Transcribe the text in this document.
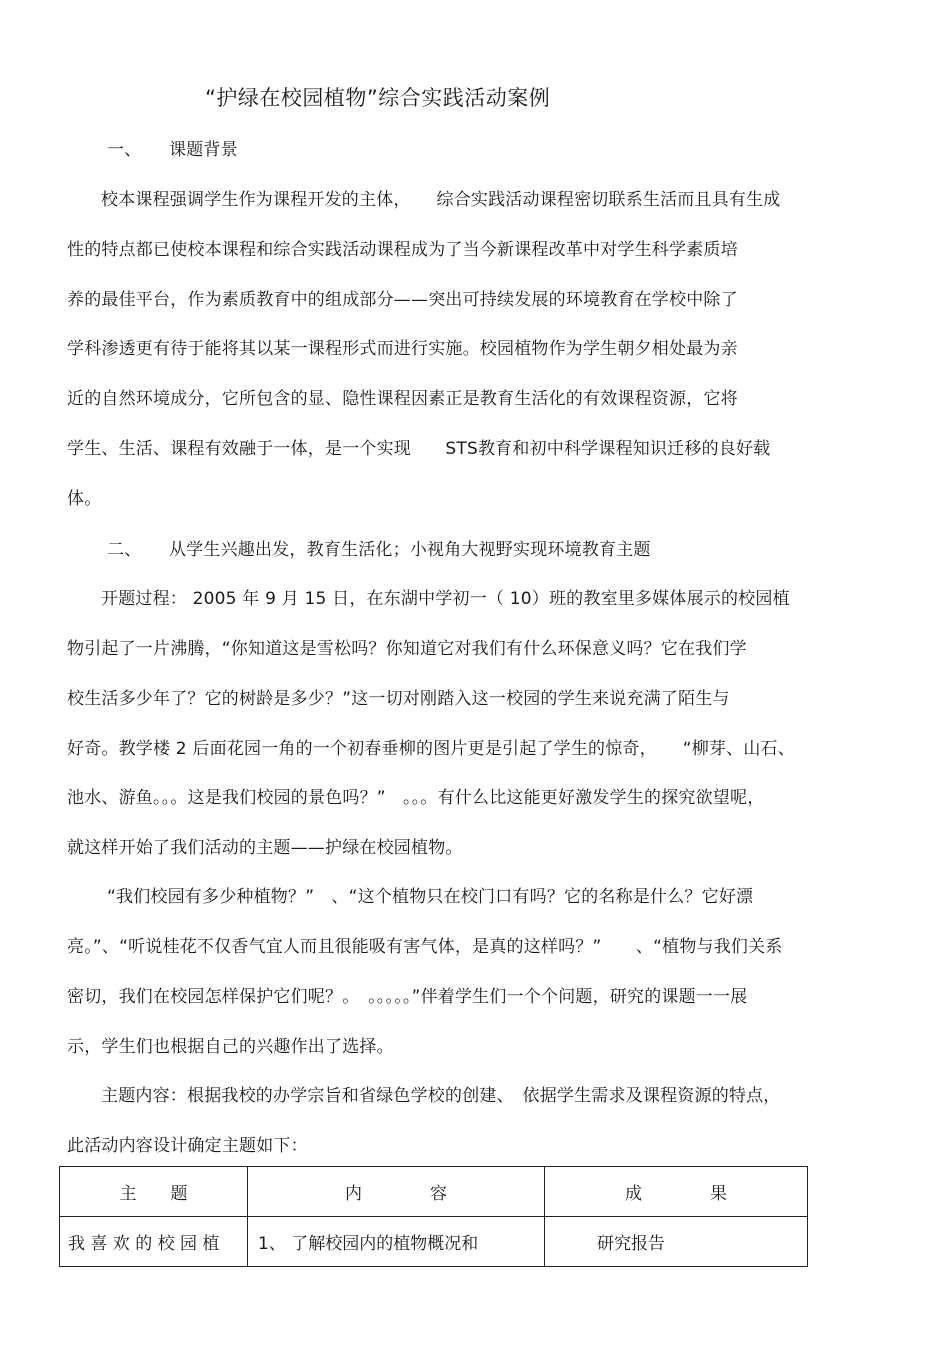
“护绿在校园植物”综合实践活动案例
一、 课题背景
校本课程强调学生作为课程开发的主体，　　综合实践活动课程密切联系生活而且具有生成
性的特点都已使校本课程和综合实践活动课程成为了当今新课程改革中对学生科学素质培
养的最佳平台，作为素质教育中的组成部分——突出可持续发展的环境教育在学校中除了
学科渗透更有待于能将其以某一课程形式而进行实施。校园植物作为学生朝夕相处最为亲
近的自然环境成分，它所包含的显、隐性课程因素正是教育生活化的有效课程资源，它将
学生、生活、课程有效融于一体，是一个实现　　STS教育和初中科学课程知识迁移的良好载
体。
二、 从学生兴趣出发，教育生活化；小视角大视野实现环境教育主题
开题过程： 2005 年 9 月 15 日，在东湖中学初一（ 10）班的教室里多媒体展示的校园植
物引起了一片沸腾，“你知道这是雪松吗？你知道它对我们有什么环保意义吗？它在我们学
校生活多少年了？它的树龄是多少？”这一切对刚踏入这一校园的学生来说充满了陌生与
好奇。教学楼 2 后面花园一角的一个初春垂柳的图片更是引起了学生的惊奇，　　“柳芽、山石、
池水、游鱼。。。这是我们校园的景色吗？”　。。。有什么比这能更好激发学生的探究欲望呢，
就这样开始了我们活动的主题——护绿在校园植物。
“我们校园有多少种植物？”　、“这个植物只在校门口有吗？它的名称是什么？它好漂
亮。”、“听说桂花不仅香气宜人而且很能吸有害气体，是真的这样吗？”　　、“植物与我们关系
密切，我们在校园怎样保护它们呢？。　。。。。。”伴着学生们一个个问题，研究的课题一一展
示，学生们也根据自己的兴趣作出了选择。
主题内容：根据我校的办学宗旨和省绿色学校的创建、　依据学生需求及课程资源的特点，
此活动内容设计确定主题如下：
主　　题	内　　　　容	成　　　　果
我 喜 欢 的 校 园 植	1、 了解校园内的植物概况和	研究报告
